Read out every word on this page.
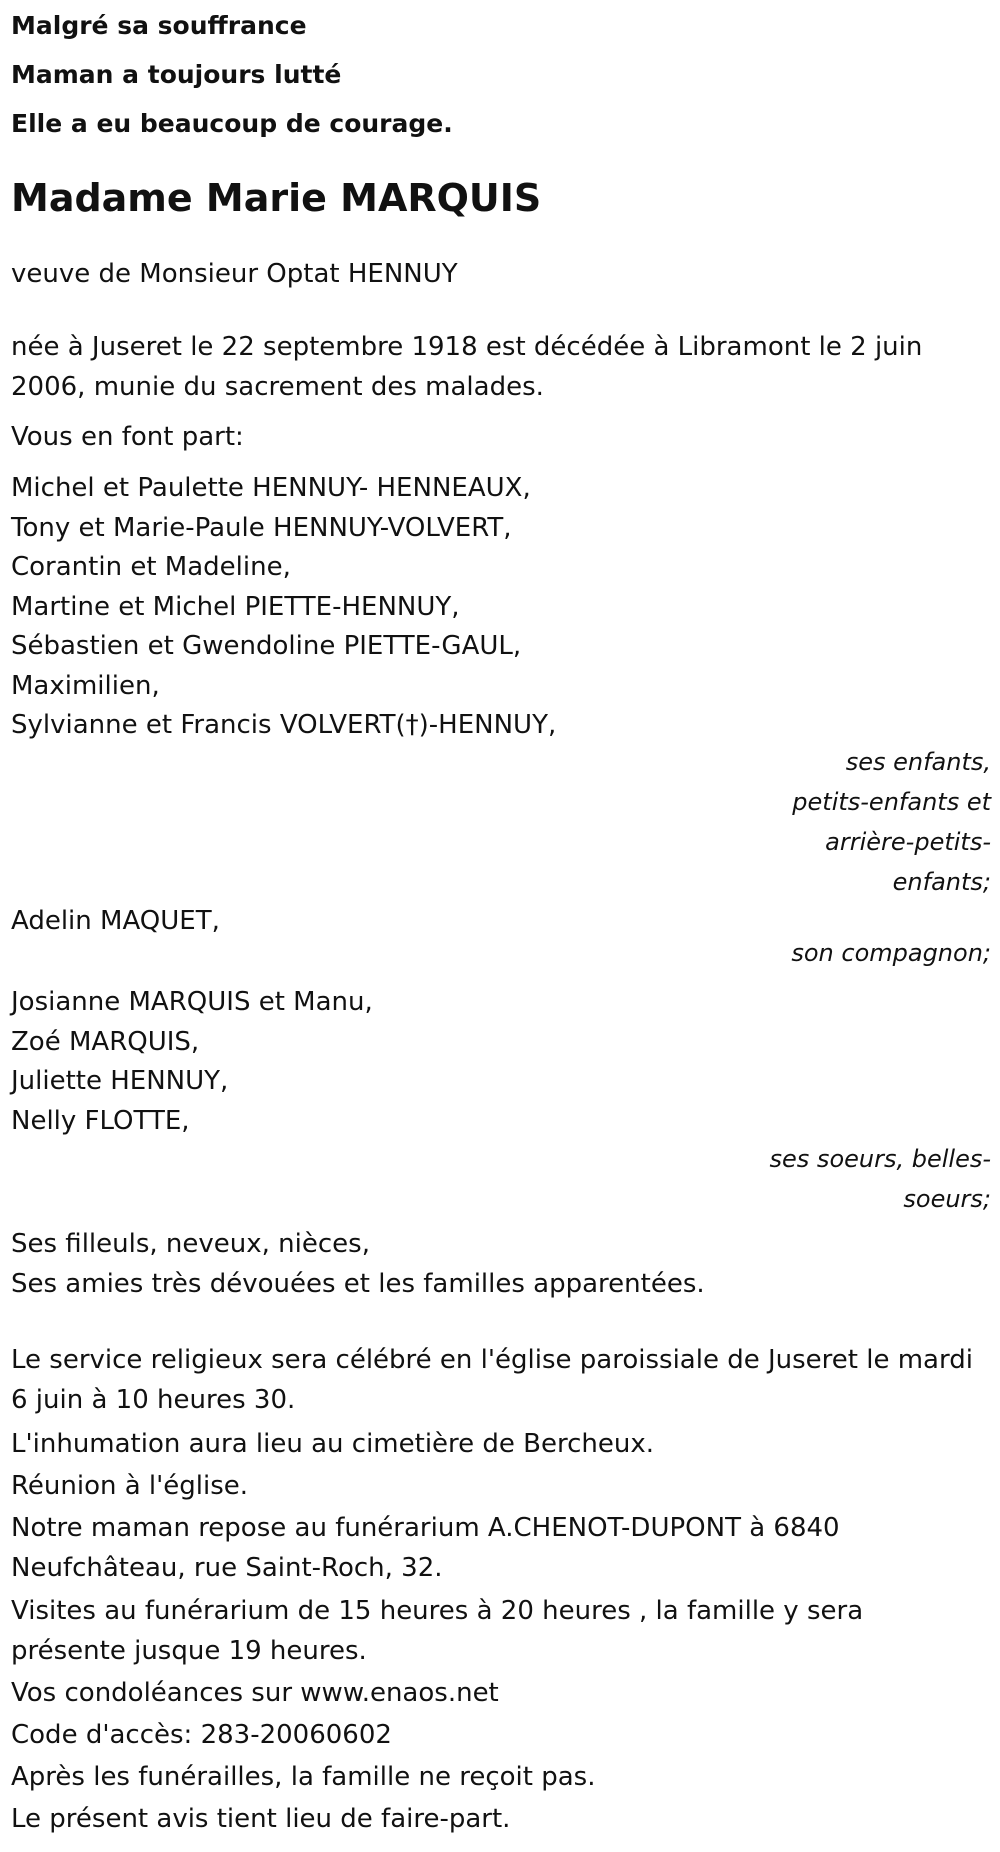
Malgré sa souffrance

Maman a toujours lutté

Elle a eu beaucoup de courage.

Madame Marie MARQUIS

veuve de Monsieur Optat HENNUY

née à Juseret le 22 septembre 1918 est décédée à Libramont le 2 juin 2006, munie du sacrement des malades.

Vous en font part:

Michel et Paulette HENNUY- HENNEAUX,

Tony et Marie-Paule HENNUY-VOLVERT,

Corantin et Madeline,

Martine et Michel PIETTE-HENNUY,

Sébastien et Gwendoline PIETTE-GAUL,

Maximilien,

Sylvianne et Francis VOLVERT(†)-HENNUY,

ses enfants, petits-enfants et arrière-petits-enfants;

Adelin MAQUET,

son compagnon;

Josianne MARQUIS et Manu,

Zoé MARQUIS,

Juliette HENNUY,

Nelly FLOTTE,

ses soeurs, belles-soeurs;

Ses filleuls, neveux, nièces,

Ses amies très dévouées et les familles apparentées.

Le service religieux sera célébré en l'église paroissiale de Juseret le mardi 6 juin à 10 heures 30.

L'inhumation aura lieu au cimetière de Bercheux.

Réunion à l'église.

Notre maman repose au funérarium A.CHENOT-DUPONT à 6840 Neufchâteau, rue Saint-Roch, 32.

Visites au funérarium de 15 heures à 20 heures , la famille y sera présente jusque 19 heures.

Vos condoléances sur www.enaos.net

Code d'accès: 283-20060602

Après les funérailles, la famille ne reçoit pas.

Le présent avis tient lieu de faire-part.
